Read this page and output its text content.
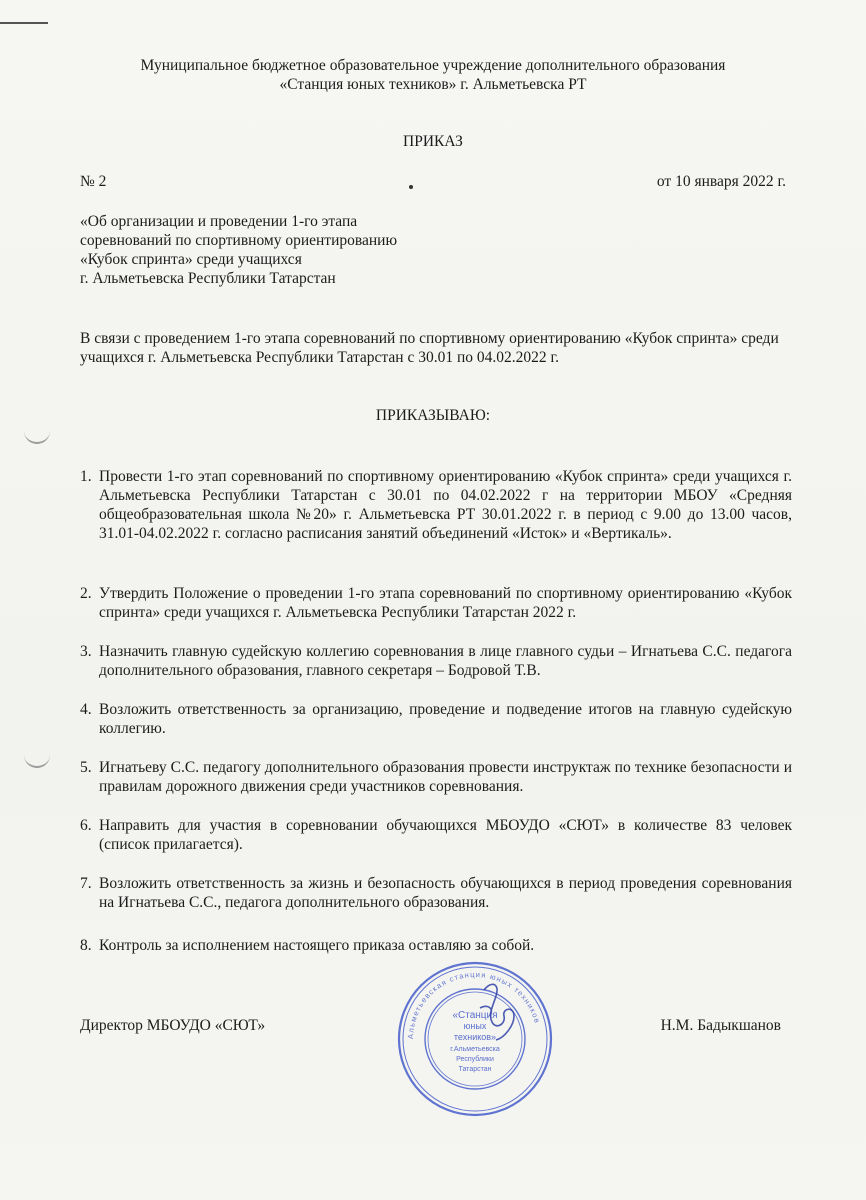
Муниципальное бюджетное образовательное учреждение дополнительного образования
«Станция юных техников» г. Альметьевска РТ
ПРИКАЗ
№ 2	от 10 января 2022 г.
«Об организации и проведении 1-го этапа
соревнований по спортивному ориентированию
«Кубок спринта» среди учащихся
г. Альметьевска Республики Татарстан
В связи с проведением 1-го этапа соревнований по спортивному ориентированию «Кубок спринта» среди учащихся г. Альметьевска Республики Татарстан с 30.01 по 04.02.2022 г.
ПРИКАЗЫВАЮ:
1. Провести 1-го этап соревнований по спортивному ориентированию «Кубок спринта» среди учащихся г. Альметьевска Республики Татарстан с 30.01 по 04.02.2022 г на территории МБОУ «Средняя общеобразовательная школа №20» г. Альметьевска РТ 30.01.2022 г. в период с 9.00 до 13.00 часов, 31.01-04.02.2022 г. согласно расписания занятий объединений «Исток» и «Вертикаль».
2. Утвердить Положение о проведении 1-го этапа соревнований по спортивному ориентированию «Кубок спринта» среди учащихся г. Альметьевска Республики Татарстан 2022 г.
3. Назначить главную судейскую коллегию соревнования в лице главного судьи – Игнатьева С.С. педагога дополнительного образования, главного секретаря – Бодровой Т.В.
4. Возложить ответственность за организацию, проведение и подведение итогов на главную судейскую коллегию.
5. Игнатьеву С.С. педагогу дополнительного образования провести инструктаж по технике безопасности и правилам дорожного движения среди участников соревнования.
6. Направить для участия в соревновании обучающихся МБОУДО «СЮТ» в количестве 83 человек (список прилагается).
7. Возложить ответственность за жизнь и безопасность обучающихся в период проведения соревнования на Игнатьева С.С., педагога дополнительного образования.
8. Контроль за исполнением настоящего приказа оставляю за собой.
Директор МБОУДО «СЮТ»	Н.М. Бадыкшанов
Альметьевская станция юных техников
«Станция
юных
техников»
г.Альметьевска
Республики
Татарстан
